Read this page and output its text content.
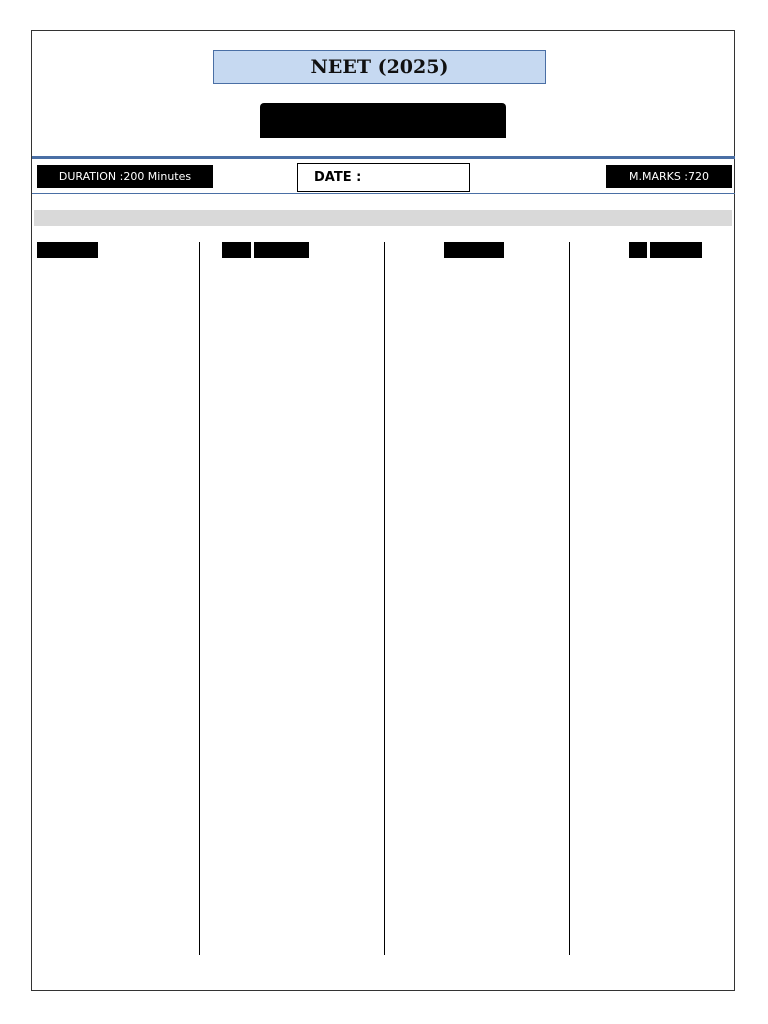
NEET (2025)
DURATION :200 Minutes	DATE :	M.MARKS :720
